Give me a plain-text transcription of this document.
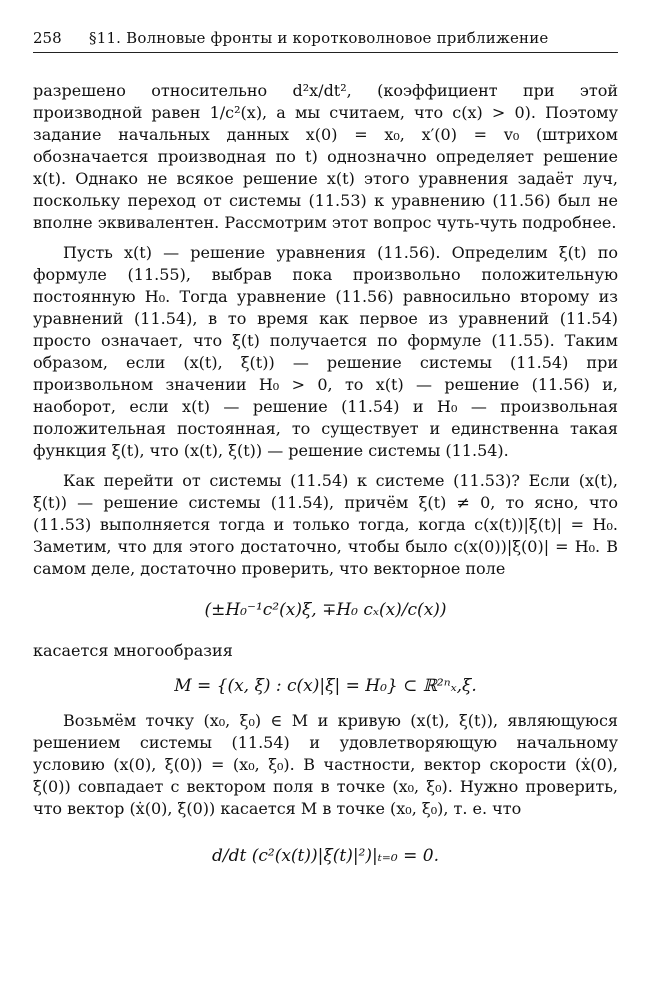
258 §11. Волновые фронты и коротковолновое приближение

разрешено относительно d²x/dt², (коэффициент при этой производной равен 1/c²(x), а мы считаем, что c(x) > 0). Поэтому задание начальных данных x(0) = x₀, x′(0) = v₀ (штрихом обозначается производная по t) однозначно определяет решение x(t). Однако не всякое решение x(t) этого уравнения задаёт луч, поскольку переход от системы (11.53) к уравнению (11.56) был не вполне эквивалентен. Рассмотрим этот вопрос чуть-чуть подробнее.

Пусть x(t) — решение уравнения (11.56). Определим ξ(t) по формуле (11.55), выбрав пока произвольно положительную постоянную H₀. Тогда уравнение (11.56) равносильно второму из уравнений (11.54), в то время как первое из уравнений (11.54) просто означает, что ξ(t) получается по формуле (11.55). Таким образом, если (x(t), ξ(t)) — решение системы (11.54) при произвольном значении H₀ > 0, то x(t) — решение (11.56) и, наоборот, если x(t) — решение (11.54) и H₀ — произвольная положительная постоянная, то существует и единственна такая функция ξ(t), что (x(t), ξ(t)) — решение системы (11.54).

Как перейти от системы (11.54) к системе (11.53)? Если (x(t), ξ(t)) — решение системы (11.54), причём ξ(t) ≠ 0, то ясно, что (11.53) выполняется тогда и только тогда, когда c(x(t))|ξ(t)| = H₀. Заметим, что для этого достаточно, чтобы было c(x(0))|ξ(0)| = H₀. В самом деле, достаточно проверить, что векторное поле

(±H₀⁻¹c²(x)ξ, ∓H₀ cₓ(x)/c(x))

касается многообразия

M = {(x, ξ) : c(x)|ξ| = H₀} ⊂ ℝ²ⁿₓ,ξ.

Возьмём точку (x₀, ξ₀) ∈ M и кривую (x(t), ξ(t)), являющуюся решением системы (11.54) и удовлетворяющую начальному условию (x(0), ξ(0)) = (x₀, ξ₀). В частности, вектор скорости (ẋ(0), ξ̇(0)) совпадает с вектором поля в точке (x₀, ξ₀). Нужно проверить, что вектор (ẋ(0), ξ̇(0)) касается M в точке (x₀, ξ₀), т. е. что

d/dt (c²(x(t))|ξ(t)|²)|ₜ₌₀ = 0.
